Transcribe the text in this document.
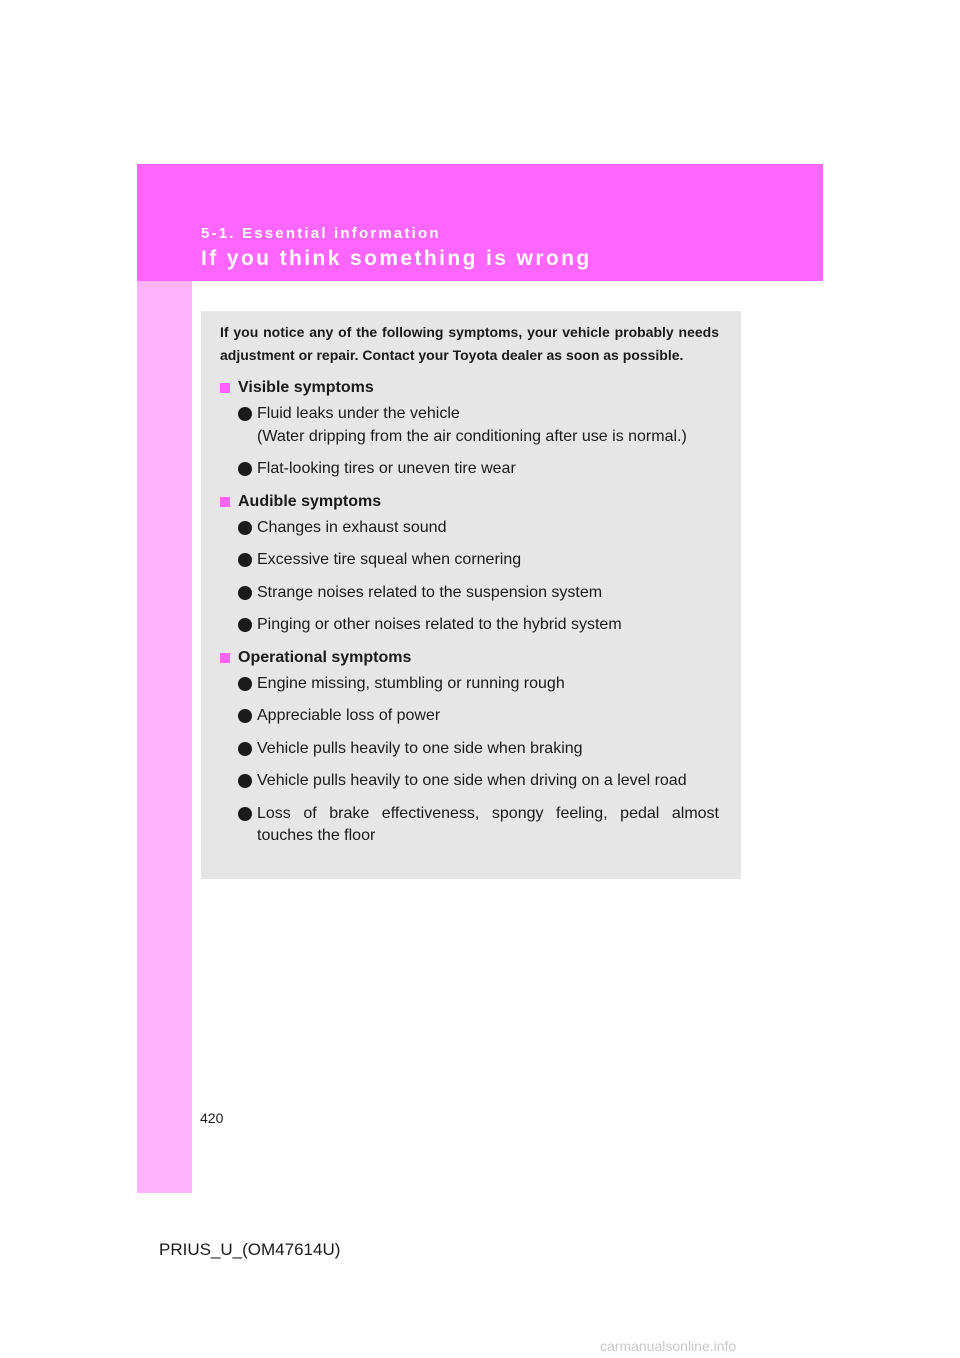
5-1. Essential information

If you think something is wrong

If you notice any of the following symptoms, your vehicle probably needs adjustment or repair. Contact your Toyota dealer as soon as possible.

Visible symptoms
Fluid leaks under the vehicle
(Water dripping from the air conditioning after use is normal.)
Flat-looking tires or uneven tire wear
Audible symptoms
Changes in exhaust sound
Excessive tire squeal when cornering
Strange noises related to the suspension system
Pinging or other noises related to the hybrid system
Operational symptoms
Engine missing, stumbling or running rough
Appreciable loss of power
Vehicle pulls heavily to one side when braking
Vehicle pulls heavily to one side when driving on a level road
Loss of brake effectiveness, spongy feeling, pedal almost touches the floor

420

PRIUS_U_(OM47614U)

carmanualsonline.info
